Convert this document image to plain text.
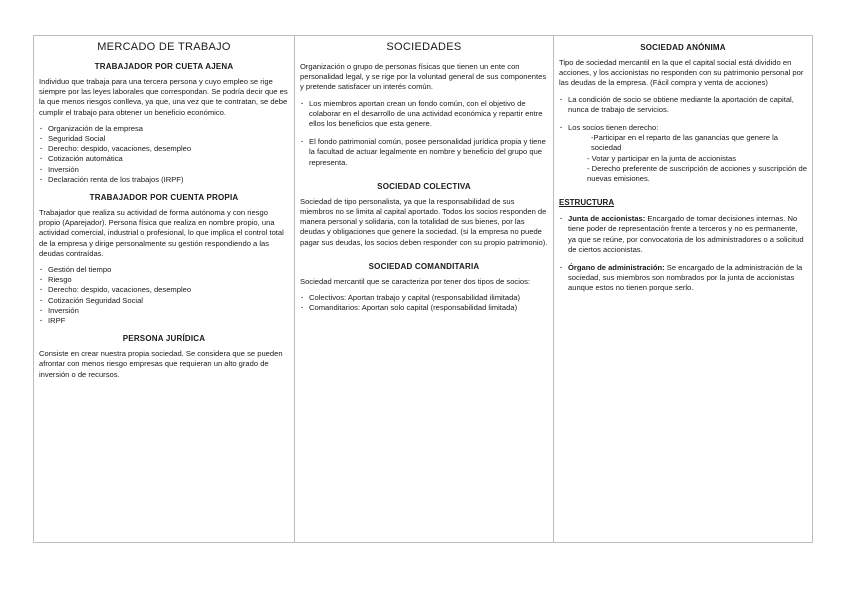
MERCADO DE TRABAJO
TRABAJADOR POR CUETA AJENA

Individuo que trabaja para una tercera persona y cuyo empleo se rige siempre por las leyes laborales que correspondan. Se podría decir que es la que menos riesgos conlleva, ya que, una vez que te contratan, se debe cumplir el trabajo para obtener un beneficio económico.

· Organización de la empresa
· Seguridad Social
· Derecho: despido, vacaciones, desempleo
· Cotización automática
· Inversión
· Declaración renta de los trabajos (IRPF)
TRABAJADOR POR CUENTA PROPIA

Trabajador que realiza su actividad de forma autónoma y con riesgo propio (Aparejador). Persona física que realiza en nombre propio, una actividad comercial, industrial o profesional, lo que implica el control total de la empresa y dirige personalmente su gestión respondiendo a las deudas contraídas.

· Gestión del tiempo
· Riesgo
· Derecho: despido, vacaciones, desempleo
· Cotización Seguridad Social
· Inversión
· IRPF
PERSONA JURÍDICA

Consiste en crear nuestra propia sociedad. Se considera que se pueden afrontar con menos riesgo empresas que requieran un alto grado de inversión o de recursos.

SOCIEDADES

Organización o grupo de personas físicas que tienen un ente con personalidad legal, y se rige por la voluntad general de sus componentes y pretende satisfacer un interés común.

· Los miembros aportan crean un fondo común, con el objetivo de colaborar en el desarrollo de una actividad económica y repartir entre ellos los beneficios que esta genere.
· El fondo patrimonial común, posee personalidad jurídica propia y tiene la facultad de actuar legalmente en nombre y beneficio del grupo que representa.
SOCIEDAD COLECTIVA

Sociedad de tipo personalista, ya que la responsabilidad de sus miembros no se limita al capital aportado. Todos los socios responden de manera personal y solidaria, con la totalidad de sus bienes, por las deudas y obligaciones que genere la sociedad. (si la empresa no puede pagar sus deudas, los socios deben responder con su propio patrimonio).

SOCIEDAD COMANDITARIA

Sociedad mercantil que se caracteriza por tener dos tipos de socios:

· Colectivos: Aportan trabajo y capital (responsabilidad ilimitada)
· Comanditarios: Aportan solo capital (responsabilidad limitada)
SOCIEDAD ANÓNIMA

Tipo de sociedad mercantil en la que el capital social está dividido en acciones, y los accionistas no responden con su patrimonio personal por las deudas de la empresa. (Fácil compra y venta de acciones)

· La condición de socio se obtiene mediante la aportación de capital, nunca de trabajo de servicios.
· Los socios tienen derecho:

-Participar en el reparto de las ganancias que genere la sociedad
- Votar y participar en la junta de accionistas
- Derecho preferente de suscripción de acciones y suscripción de nuevas emisiones.

ESTRUCTURA
· Junta de accionistas: Encargado de tomar decisiones internas. No tiene poder de representación frente a terceros y no es permanente, ya que se reúne, por convocatoria de los administradores o a solicitud de ciertos accionistas.
· Órgano de administración: Se encargado de la administración de la sociedad, sus miembros son nombrados por la junta de accionistas aunque estos no tienen porque serlo.
